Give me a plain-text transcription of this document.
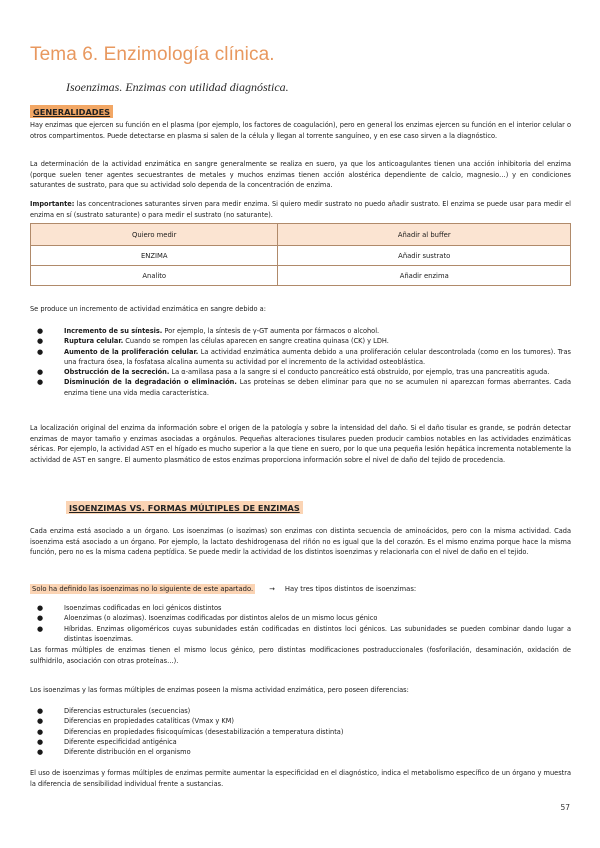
Tema 6. Enzimología clínica.
Isoenzimas. Enzimas con utilidad diagnóstica.
GENERALIDADES
Hay enzimas que ejercen su función en el plasma (por ejemplo, los factores de coagulación), pero en general los enzimas ejercen su función en el interior celular o otros compartimentos. Puede detectarse en plasma si salen de la célula y llegan al torrente sanguíneo, y en ese caso sirven a la diagnóstico.
La determinación de la actividad enzimática en sangre generalmente se realiza en suero, ya que los anticoagulantes tienen una acción inhibitoria del enzima (porque suelen tener agentes secuestrantes de metales y muchos enzimas tienen acción alostérica dependiente de calcio, magnesio…) y en condiciones saturantes de sustrato, para que su actividad solo dependa de la concentración de enzima.
Importante: las concentraciones saturantes sirven para medir enzima. Si quiero medir sustrato no puedo añadir sustrato. El enzima se puede usar para medir el enzima en sí (sustrato saturante) o para medir el sustrato (no saturante).
Quiero medir	Añadir al buffer
ENZIMA	Añadir sustrato
Analito	Añadir enzima
Se produce un incremento de actividad enzimática en sangre debido a:
●	Incremento de su síntesis. Por ejemplo, la síntesis de γ-GT aumenta por fármacos o alcohol.
●	Ruptura celular. Cuando se rompen las células aparecen en sangre creatina quinasa (CK) y LDH.
●	Aumento de la proliferación celular. La actividad enzimática aumenta debido a una proliferación celular descontrolada (como en los tumores). Tras una fractura ósea, la fosfatasa alcalina aumenta su actividad por el incremento de la actividad osteoblástica.
●	Obstrucción de la secreción. La α-amilasa pasa a la sangre si el conducto pancreático está obstruido, por ejemplo, tras una pancreatitis aguda.
●	Disminución de la degradación o eliminación. Las proteínas se deben eliminar para que no se acumulen ni aparezcan formas aberrantes. Cada enzima tiene una vida media característica.
La localización original del enzima da información sobre el origen de la patología y sobre la intensidad del daño. Si el daño tisular es grande, se podrán detectar enzimas de mayor tamaño y enzimas asociadas a orgánulos. Pequeñas alteraciones tisulares pueden producir cambios notables en las actividades enzimáticas séricas. Por ejemplo, la actividad AST en el hígado es mucho superior a la que tiene en suero, por lo que una pequeña lesión hepática incrementa notablemente la actividad de AST en sangre. El aumento plasmático de estos enzimas proporciona información sobre el nivel de daño del tejido de procedencia.
ISOENZIMAS VS. FORMAS MÚLTIPLES DE ENZIMAS
Cada enzima está asociado a un órgano. Los isoenzimas (o isozimas) son enzimas con distinta secuencia de aminoácidos, pero con la misma actividad. Cada isoenzima está asociado a un órgano. Por ejemplo, la lactato deshidrogenasa del riñón no es igual que la del corazón. Es el mismo enzima porque hace la misma función, pero no es la misma cadena peptídica. Se puede medir la actividad de los distintos isoenzimas y relacionarla con el nivel de daño en el tejido.
Solo ha definido las isoenzimas no lo siguiente de este apartado. → Hay tres tipos distintos de isoenzimas:
●	Isoenzimas codificadas en loci génicos distintos
●	Aloenzimas (o alozimas). Isoenzimas codificadas por distintos alelos de un mismo locus génico
●	Híbridas. Enzimas oligoméricos cuyas subunidades están codificadas en distintos loci génicos. Las subunidades se pueden combinar dando lugar a distintas isoenzimas.
Las formas múltiples de enzimas tienen el mismo locus génico, pero distintas modificaciones postraduccionales (fosforilación, desaminación, oxidación de sulfhidrilo, asociación con otras proteínas…).
Los isoenzimas y las formas múltiples de enzimas poseen la misma actividad enzimática, pero poseen diferencias:
●	Diferencias estructurales (secuencias)
●	Diferencias en propiedades catalíticas (Vmax y KM)
●	Diferencias en propiedades fisicoquímicas (desestabilización a temperatura distinta)
●	Diferente especificidad antigénica
●	Diferente distribución en el organismo
El uso de isoenzimas y formas múltiples de enzimas permite aumentar la especificidad en el diagnóstico, indica el metabolismo específico de un órgano y muestra la diferencia de sensibilidad individual frente a sustancias.
57
